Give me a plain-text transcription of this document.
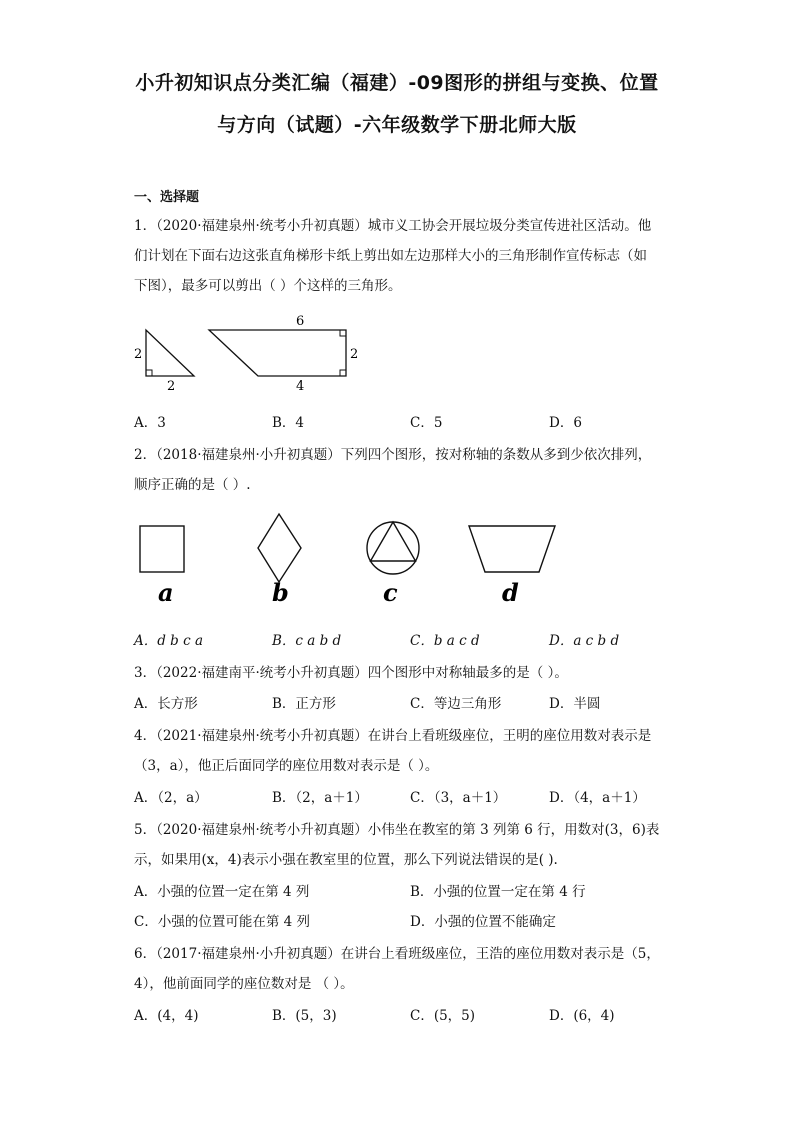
小升初知识点分类汇编（福建）-09图形的拼组与变换、位置
与方向（试题）-六年级数学下册北师大版
一、选择题
1．（2020·福建泉州·统考小升初真题）城市义工协会开展垃圾分类宣传进社区活动。他
们计划在下面右边这张直角梯形卡纸上剪出如左边那样大小的三角形制作宣传标志（如
下图），最多可以剪出（ ）个这样的三角形。
2
2
6
2
4
A．3	B．4	C．5	D．6
2．（2018·福建泉州·小升初真题）下列四个图形，按对称轴的条数从多到少依次排列，
顺序正确的是（ ）.
a	b	c	d
A．d b c a	B．c a b d	C．b a c d	D．a c b d
3．（2022·福建南平·统考小升初真题）四个图形中对称轴最多的是（ ）。
A．长方形	B．正方形	C．等边三角形	D．半圆
4．（2021·福建泉州·统考小升初真题）在讲台上看班级座位，王明的座位用数对表示是
（3，a），他正后面同学的座位用数对表示是（ ）。
A．（2，a）	B．（2，a＋1）	C．（3，a＋1）	D．（4，a＋1）
5．（2020·福建泉州·统考小升初真题）小伟坐在教室的第 3 列第 6 行，用数对(3，6)表
示，如果用(x，4)表示小强在教室里的位置，那么下列说法错误的是( ).
A．小强的位置一定在第 4 列	B．小强的位置一定在第 4 行
C．小强的位置可能在第 4 列	D．小强的位置不能确定
6．（2017·福建泉州·小升初真题）在讲台上看班级座位，王浩的座位用数对表示是（5，
4），他前面同学的座位数对是 （ ）。
A．(4，4)	B．(5，3)	C．(5，5)	D．(6，4)
